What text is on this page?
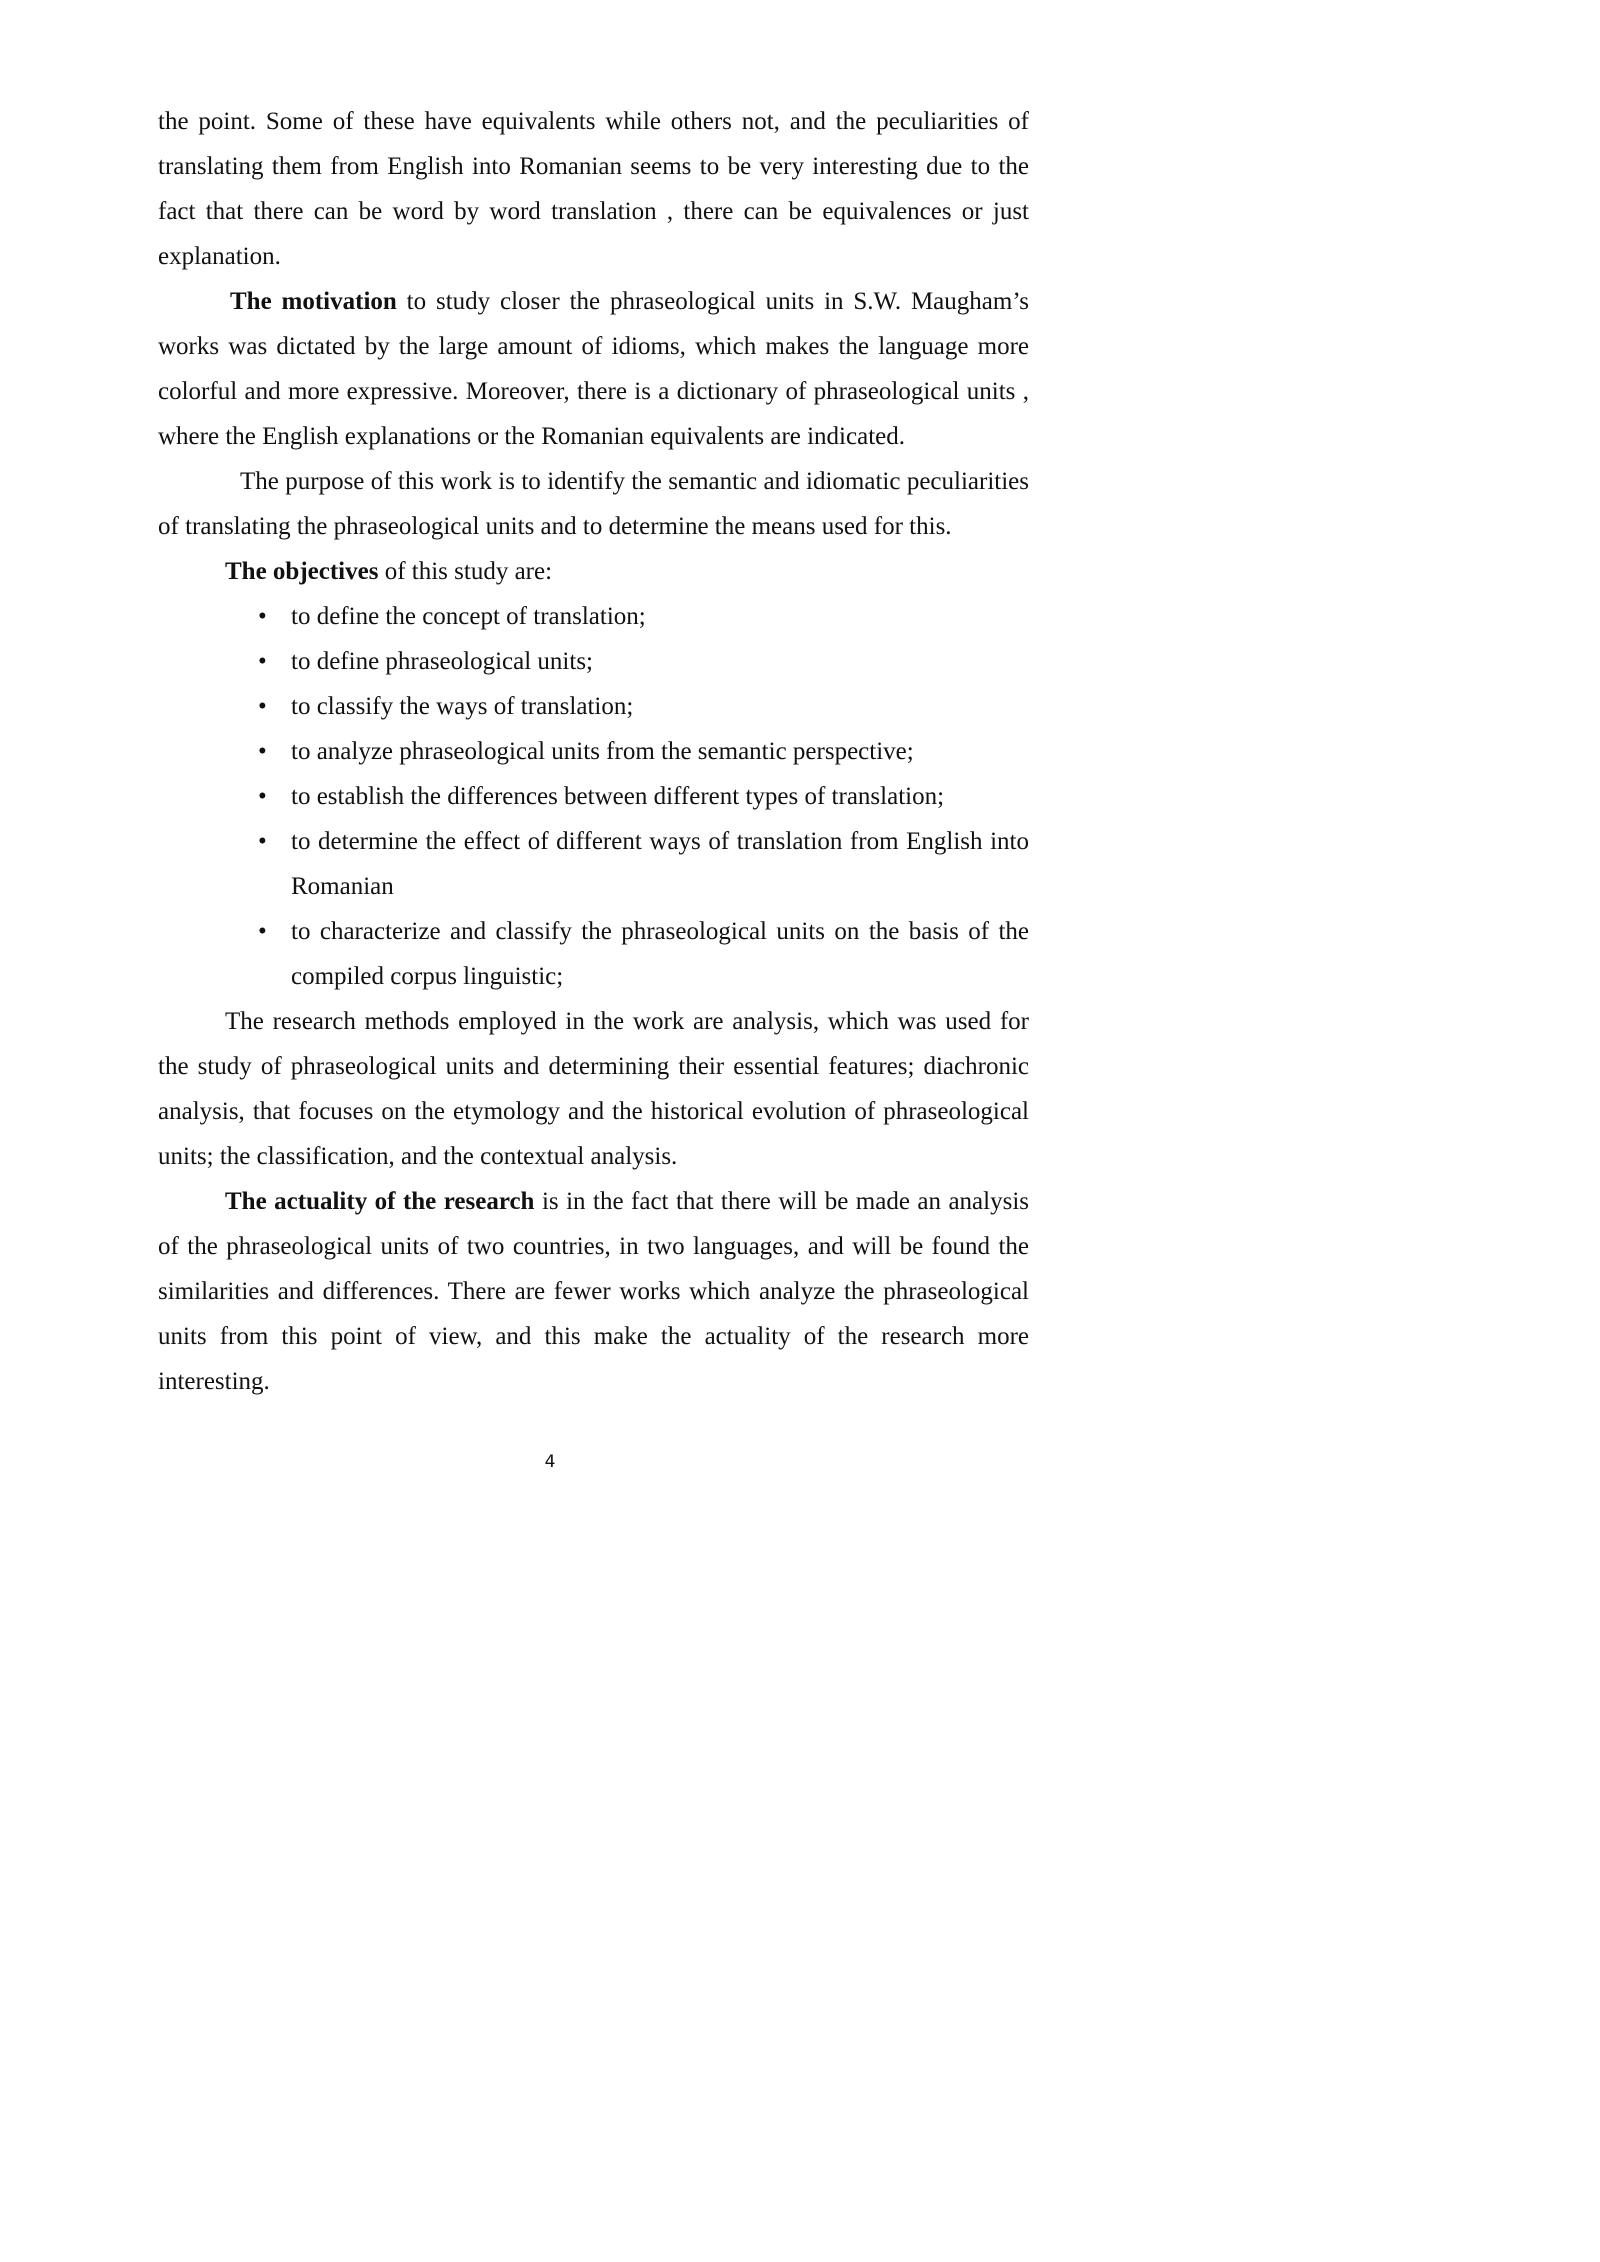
the point. Some of these have equivalents while others not, and the peculiarities of translating them from English into Romanian seems to be very interesting due to the fact that there can be word by word translation , there can be equivalences or just explanation.

The motivation to study closer the phraseological units in S.W. Maugham’s works was dictated by the large amount of idioms, which makes the language more colorful and more expressive. Moreover, there is a dictionary of phraseological units , where the English explanations or the Romanian equivalents are indicated.

The purpose of this work is to identify the semantic and idiomatic peculiarities of translating the phraseological units and to determine the means used for this.

The objectives of this study are:

• to define the concept of translation;
• to define phraseological units;
• to classify the ways of translation;
• to analyze phraseological units from the semantic perspective;
• to establish the differences between different types of translation;
• to determine the effect of different ways of translation from English into Romanian
• to characterize and classify the phraseological units on the basis of the compiled corpus linguistic;

The research methods employed in the work are analysis, which was used for the study of phraseological units and determining their essential features; diachronic analysis, that focuses on the etymology and the historical evolution of phraseological units; the classification, and the contextual analysis.

The actuality of the research is in the fact that there will be made an analysis of the phraseological units of two countries, in two languages, and will be found the similarities and differences. There are fewer works which analyze the phraseological units from this point of view, and this make the actuality of the research more interesting.

4
